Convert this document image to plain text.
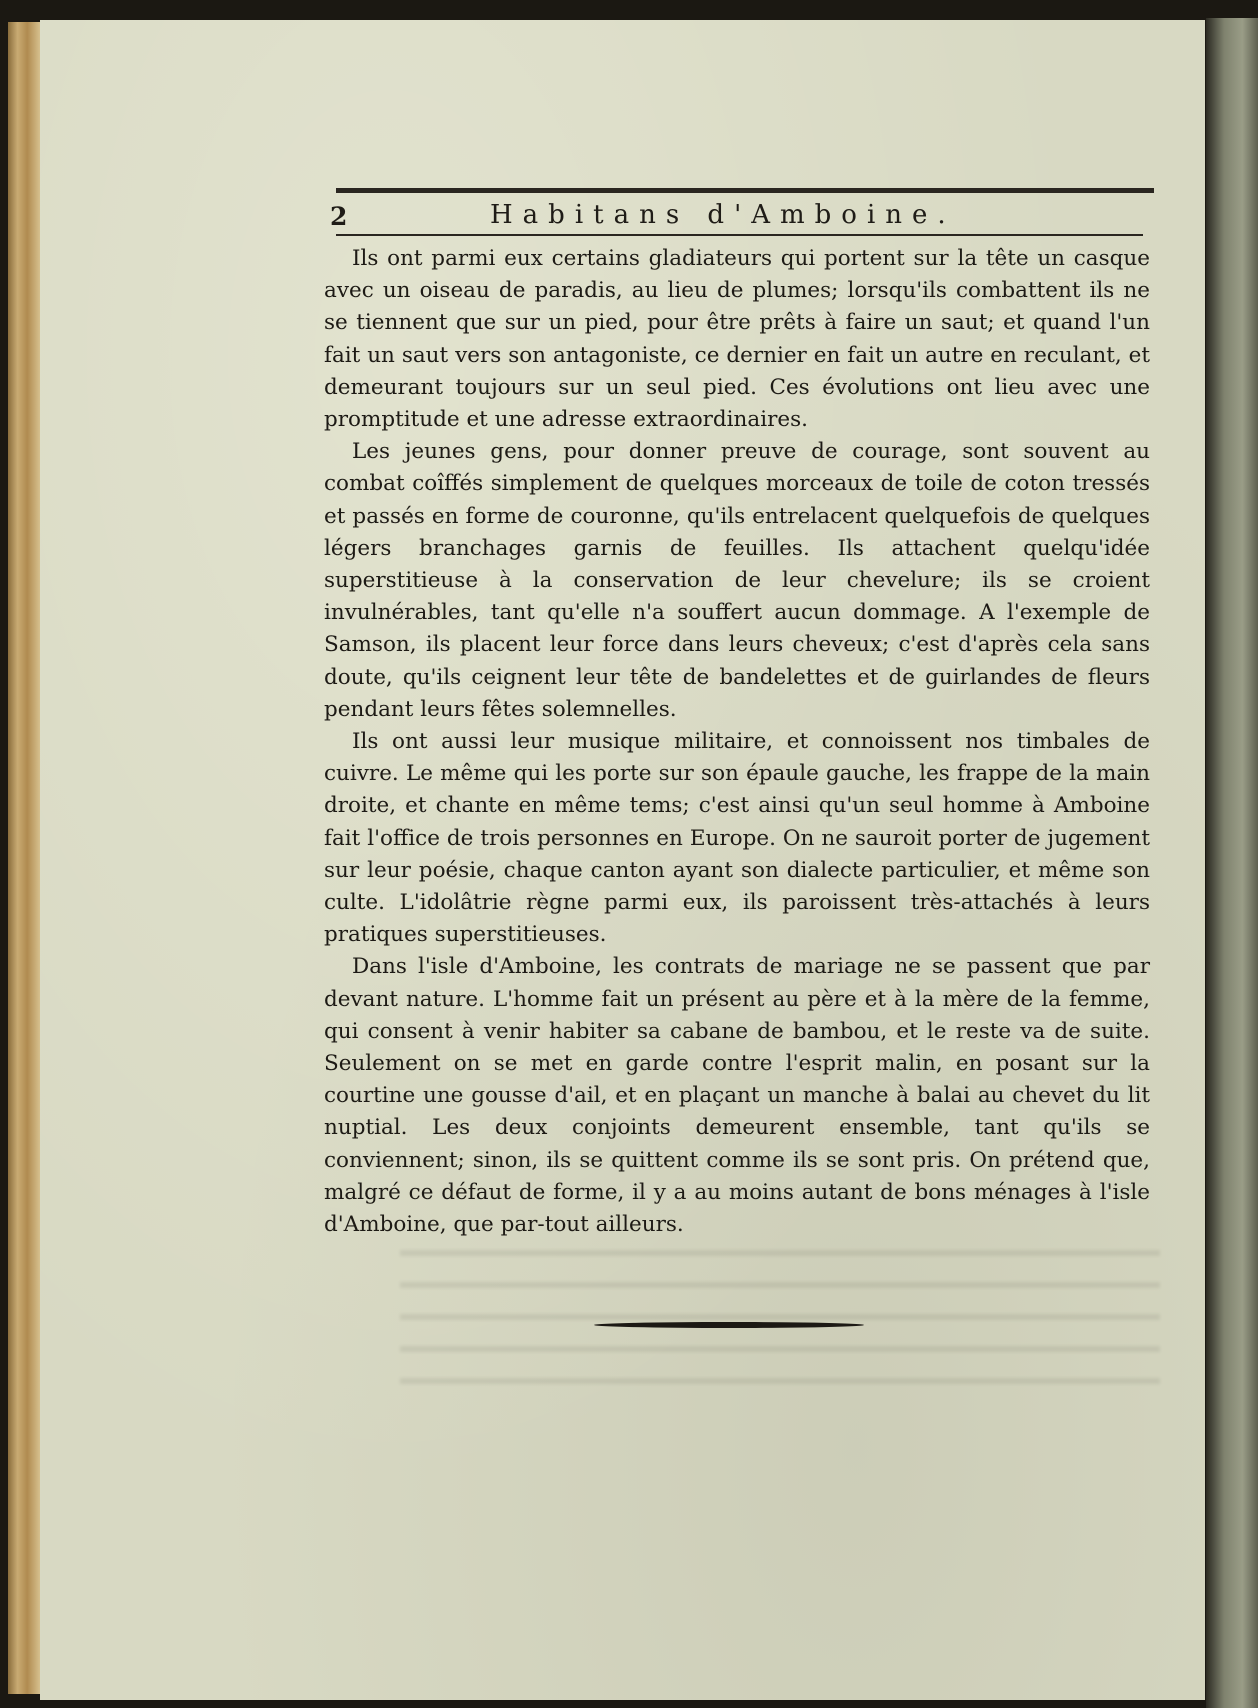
2	Habitans d'Amboine.

Ils ont parmi eux certains gladiateurs qui portent sur la tête un casque avec un oiseau de paradis, au lieu de plumes; lorsqu'ils combattent ils ne se tiennent que sur un pied, pour être prêts à faire un saut; et quand l'un fait un saut vers son antagoniste, ce dernier en fait un autre en reculant, et demeurant toujours sur un seul pied. Ces évolutions ont lieu avec une promptitude et une adresse extraordinaires.

Les jeunes gens, pour donner preuve de courage, sont souvent au combat coîffés simplement de quelques morceaux de toile de coton tressés et passés en forme de couronne, qu'ils entrelacent quelquefois de quelques légers branchages garnis de feuilles. Ils attachent quelqu'idée superstitieuse à la conservation de leur chevelure; ils se croient invulnérables, tant qu'elle n'a souffert aucun dommage. A l'exemple de Samson, ils placent leur force dans leurs cheveux; c'est d'après cela sans doute, qu'ils ceignent leur tête de bandelettes et de guirlandes de fleurs pendant leurs fêtes solemnelles.

Ils ont aussi leur musique militaire, et connoissent nos timbales de cuivre. Le même qui les porte sur son épaule gauche, les frappe de la main droite, et chante en même tems; c'est ainsi qu'un seul homme à Amboine fait l'office de trois personnes en Europe. On ne sauroit porter de jugement sur leur poésie, chaque canton ayant son dialecte particulier, et même son culte. L'idolâtrie règne parmi eux, ils paroissent très-attachés à leurs pratiques superstitieuses.

Dans l'isle d'Amboine, les contrats de mariage ne se passent que par devant nature. L'homme fait un présent au père et à la mère de la femme, qui consent à venir habiter sa cabane de bambou, et le reste va de suite. Seulement on se met en garde contre l'esprit malin, en posant sur la courtine une gousse d'ail, et en plaçant un manche à balai au chevet du lit nuptial. Les deux conjoints demeurent ensemble, tant qu'ils se conviennent; sinon, ils se quittent comme ils se sont pris. On prétend que, malgré ce défaut de forme, il y a au moins autant de bons ménages à l'isle d'Amboine, que par-tout ailleurs.
